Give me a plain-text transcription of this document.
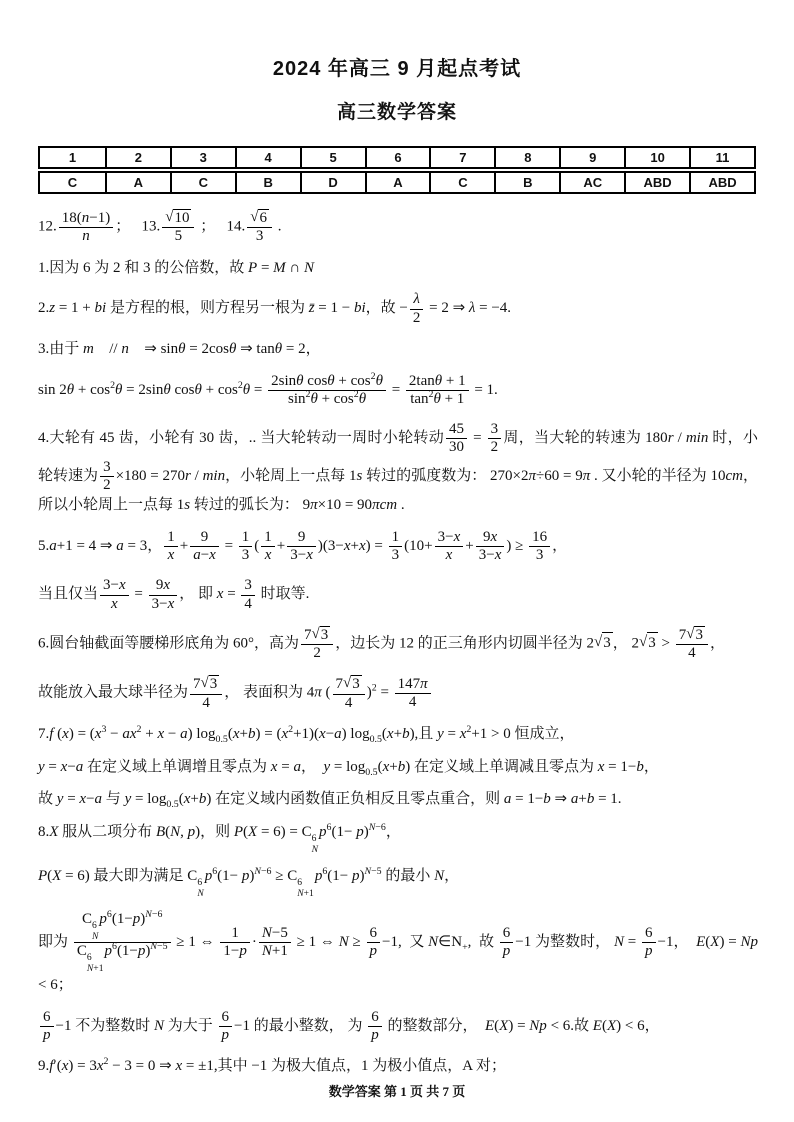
2024 年高三 9 月起点考试
高三数学答案
1	2	3	4	5	6	7	8	9	10	11
C	A	C	B	D	A	C	B	AC	ABD	ABD
12. $\frac{18(n-1)}{n}$ ；   13. $\frac{√10}{5}$ ；   14. $\frac{√6}{3}$ .
1.因为 6 为 2 和 3 的公倍数，故 P = M ∩ N
2.z = 1 + bi 是方程的根，则方程另一根为 z̄ = 1 − bi，故 − $\frac{\lambda}{2} = 2$ ⇒ λ = −4.
3.由于 m⃗ // n⃗ ⇒ sinθ = 2cosθ ⇒ tanθ = 2，
$\sin 2\theta + \cos^2\theta = 2\sin\theta$ $\cos\theta + \cos^2\theta = \frac{2\sin\theta \cos\theta + \cos^2\theta}{\sin^2\theta + \cos^2\theta} = \frac{2\tan\theta + 1}{\tan^2\theta + 1} = 1$.
4.大轮有 45 齿，小轮有 30 齿，.. 当大轮转动一周时小轮转动 $\frac{45}{30} = \frac{3}{2}$ 周，当大轮的转速为 180r / min 时，小轮转速为 $\frac{3}{2} \times 180 = 270r / \min$，小轮周上一点每 1s 转过的弧度数为： 270×2π÷60 = 9π . 又小轮的半径为 10cm，所以小轮周上一点每 1s 转过的弧长为： 9π×10 = 90πcm .
5.a+1 = 4 ⇒ a = 3， $\frac{1}{x} + \frac{9}{a-x} = \frac{1}{3}$ ( $\frac{1}{x} + \frac{9}{3-x} )(3-x+x) = \frac{1}{3} (10+ \frac{3-x}{x} + \frac{9x}{3-x}$ ) ≥ $\frac{16}{3}$ ，
当且仅当 $\frac{3-x}{x} = \frac{9x}{3-x}$ ， 即 $x = \frac{3}{4}$ 时取等.
6.圆台轴截面等腰梯形底角为 60°，高为 $\frac{7√3}{2}$ ，边长为 12 的正三角形内切圆半径为 2√3 ， $2√3 > \frac{7√3}{4}$ ，
故能放入最大球半径为 $\frac{7√3}{4}$ ， 表面积为 4π ( $\frac{7√3}{4} )^2 = \frac{147\pi}{4}$
7.f $(x) = (x^3 - ax^2 + x - a) \log_{0.5}(x+b) = (x^2+1)(x-a)$ $\log_{0.5}(x+b)$,且 $y = x^2+1 > 0$ 恒成立，
y = x−a 在定义域上单调增且零点为 x = a，  $y = \log_{0.5}(x+b)$ 在定义域上单调减且零点为 x = 1−b，
故 y = x−a 与 $y = \log_{0.5}(x+b)$ 在定义域内函数值正负相反且零点重合，则 a = 1−b ⇒ a+b = 1.
8.X 服从二项分布 B(N, p)，则 P(X = 6) = C 6
N
$p^6(1- p)^{N-6}$，
P(X = 6) 最大即为满足 C 6
N
$p^6(1- p)^{N-6} \ge C$ 6
N+1
$p^6(1- p)^{N-5}$ 的最小 N，
即为 C 6
N
$p^6(1-p)^{N-6}$
C 6
N+1
$p^6(1-p)^{N-5} \ge 1$ ⇔ $\frac{1}{1-p} \cdot \frac{N-5}{N+1} \ge 1$ ⇔ $N \ge \frac{6}{p} -1$,  又 $N\in N_+$,  故 $\frac{6}{p} -1$ 为整数时， $N = \frac{6}{p} -1$，  E(X) = Np < 6；
$\frac{6}{p} -1$ 不为整数时 N 为大于 $\frac{6}{p} -1$ 的最小整数， 为 $\frac{6}{p}$ 的整数部分，  E(X) = Np < 6.故 E(X) < 6，
$9.f'(x) = 3x^2 - 3 = 0$ ⇒ x = ±1,其中 −1 为极大值点，1 为极小值点，A 对；
数学答案 第 1 页 共 7 页
